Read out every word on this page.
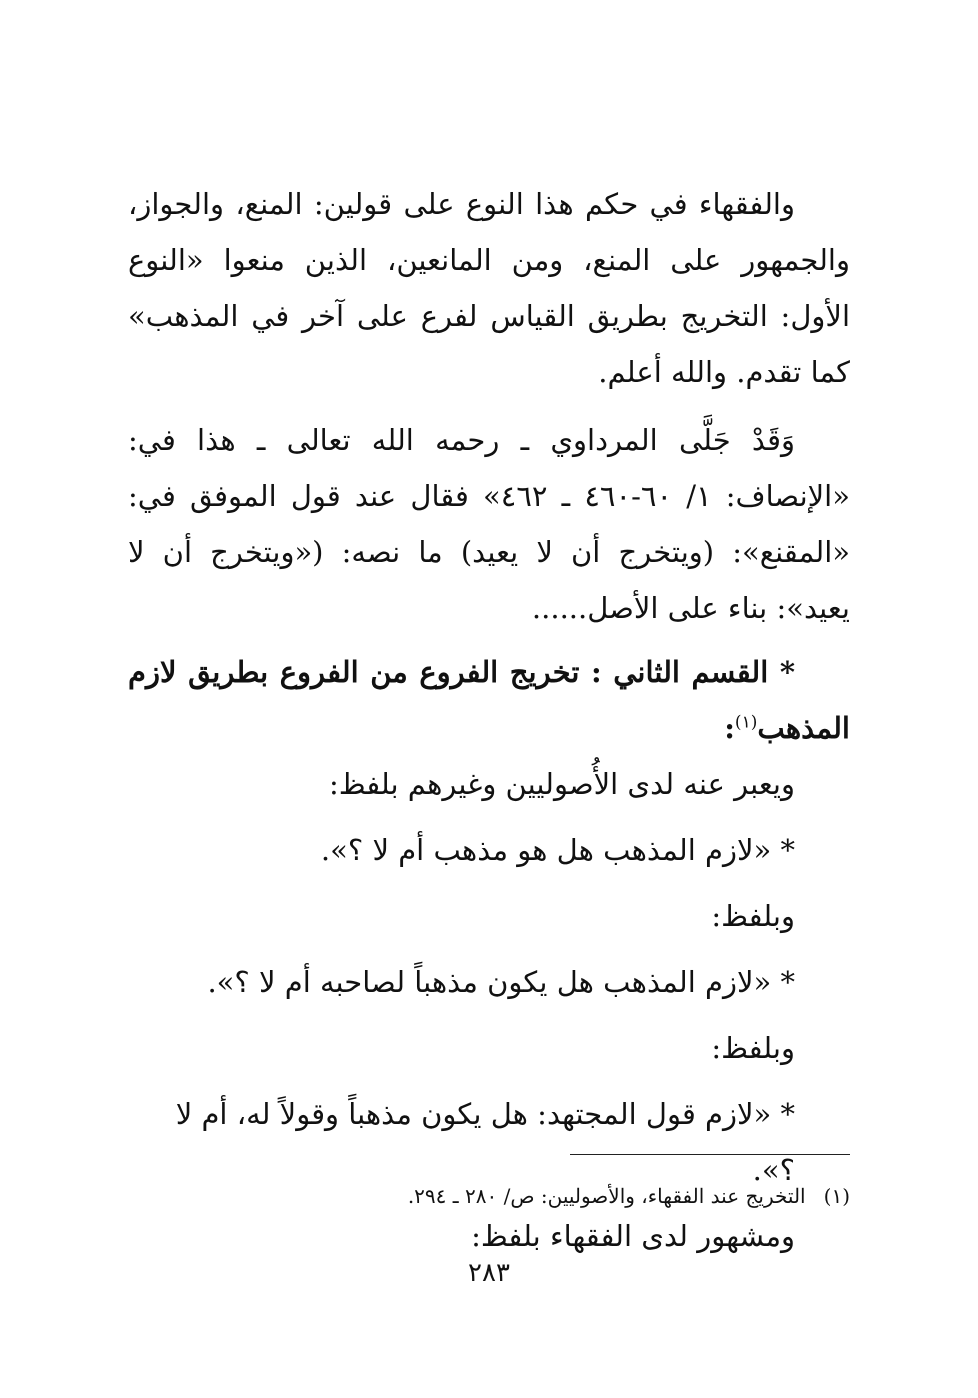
والفقهاء في حكم هذا النوع على قولين: المنع، والجواز، والجمهور على المنع، ومن المانعين، الذين منعوا «النوع الأول: التخريج بطريق القياس لفرع على آخر في المذهب» كما تقدم. والله أعلم.

وَقَدْ جَلَّى المرداوي ـ رحمه الله تعالى ـ هذا في: «الإنصاف: ١/ ٦٠-٤٦٠ ـ ٤٦٢» فقال عند قول الموفق في: «المقنع»: (ويتخرج أن لا يعيد) ما نصه: («ويتخرج أن لا يعيد»: بناء على الأصل......

* القسم الثاني : تخريج الفروع من الفروع بطريق لازم المذهب$^{(١)}$:

ويعبر عنه لدى الأُصوليين وغيرهم بلفظ:

* «لازم المذهب هل هو مذهب أم لا ؟».

وبلفظ:

* «لازم المذهب هل يكون مذهباً لصاحبه أم لا ؟».

وبلفظ:

* «لازم قول المجتهد: هل يكون مذهباً وقولاً له، أم لا ؟».

ومشهور لدى الفقهاء بلفظ:

(١)التخريج عند الفقهاء، والأصوليين: ص/ ٢٨٠ ـ ٢٩٤.

٢٨٣
